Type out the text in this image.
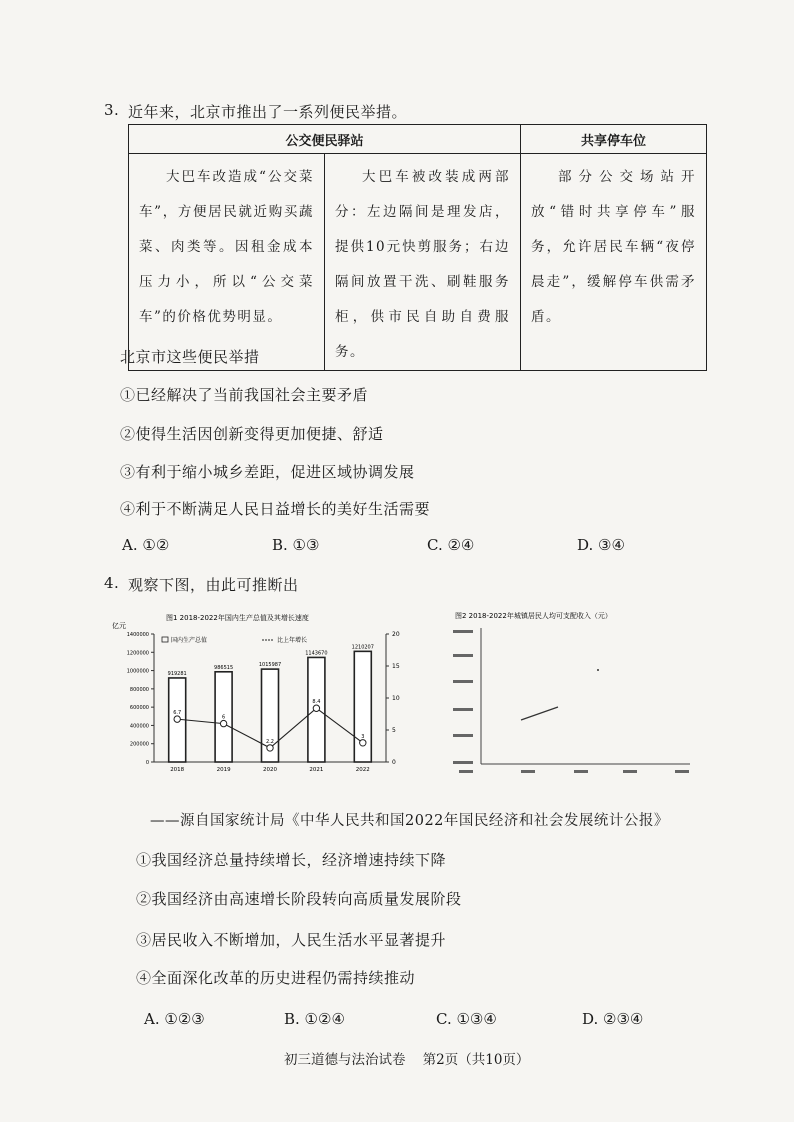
3. 近年来，北京市推出了一系列便民举措。
公交便民驿站		共享停车位
大巴车改造成“公交菜车”，方便居民就近购买蔬菜、肉类等。因租金成本压力小，所以“公交菜车”的价格优势明显。	大巴车被改装成两部分：左边隔间是理发店，提供10元快剪服务；右边隔间放置干洗、刷鞋服务柜，供市民自助自费服务。	部分公交场站开放“错时共享停车”服务，允许居民车辆“夜停晨走”，缓解停车供需矛盾。
北京市这些便民举措
①已经解决了当前我国社会主要矛盾
②使得生活因创新变得更加便捷、舒适
③有利于缩小城乡差距，促进区域协调发展
④利于不断满足人民日益增长的美好生活需要
A. ①②	B. ①③	C. ②④	D. ③④
4. 观察下图，由此可推断出
图1 2018-2022年国内生产总值及其增长速度
亿元
国内生产总值	比上年增长
0
200000
400000
600000
800000
1000000
1200000
1400000
0
5
10
15
20
919281
2018
986515
2019
1015987
2020
1143670
2021
1210207
2022
6.7
6
2.2
8.4
3
图2 2018-2022年城镇居民人均可支配收入（元）
——源自国家统计局《中华人民共和国2022年国民经济和社会发展统计公报》
①我国经济总量持续增长，经济增速持续下降
②我国经济由高速增长阶段转向高质量发展阶段
③居民收入不断增加，人民生活水平显著提升
④全面深化改革的历史进程仍需持续推动
A. ①②③	B. ①②④	C. ①③④	D. ②③④
初三道德与法治试卷    第2页（共10页）
